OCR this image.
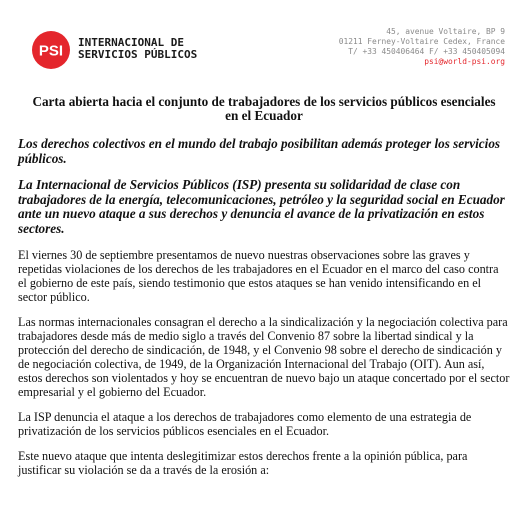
PSI INTERNACIONAL DE
SERVICIOS PÚBLICOS
45, avenue Voltaire, BP 9
01211 Ferney-Voltaire Cedex, France
T/ +33 450406464 F/ +33 450405094
psi@world-psi.org
Carta abierta hacia el conjunto de trabajadores de los servicios públicos esenciales en el Ecuador

Los derechos colectivos en el mundo del trabajo posibilitan además proteger los servicios públicos.

La Internacional de Servicios Públicos (ISP) presenta su solidaridad de clase con trabajadores de la energía, telecomunicaciones, petróleo y la seguridad social en Ecuador ante un nuevo ataque a sus derechos y denuncia el avance de la privatización en estos sectores.

El viernes 30 de septiembre presentamos de nuevo nuestras observaciones sobre las graves y repetidas violaciones de los derechos de les trabajadores en el Ecuador en el marco del caso contra el gobierno de este país, siendo testimonio que estos ataques se han venido intensificando en el sector público.

Las normas internacionales consagran el derecho a la sindicalización y la negociación colectiva para trabajadores desde más de medio siglo a través del Convenio 87 sobre la libertad sindical y la protección del derecho de sindicación, de 1948, y el Convenio 98 sobre el derecho de sindicación y de negociación colectiva, de 1949, de la Organización Internacional del Trabajo (OIT). Aun así, estos derechos son violentados y hoy se encuentran de nuevo bajo un ataque concertado por el sector empresarial y el gobierno del Ecuador.

La ISP denuncia el ataque a los derechos de trabajadores como elemento de una estrategia de privatización de los servicios públicos esenciales en el Ecuador.

Este nuevo ataque que intenta deslegitimizar estos derechos frente a la opinión pública, para justificar su violación se da a través de la erosión a:
